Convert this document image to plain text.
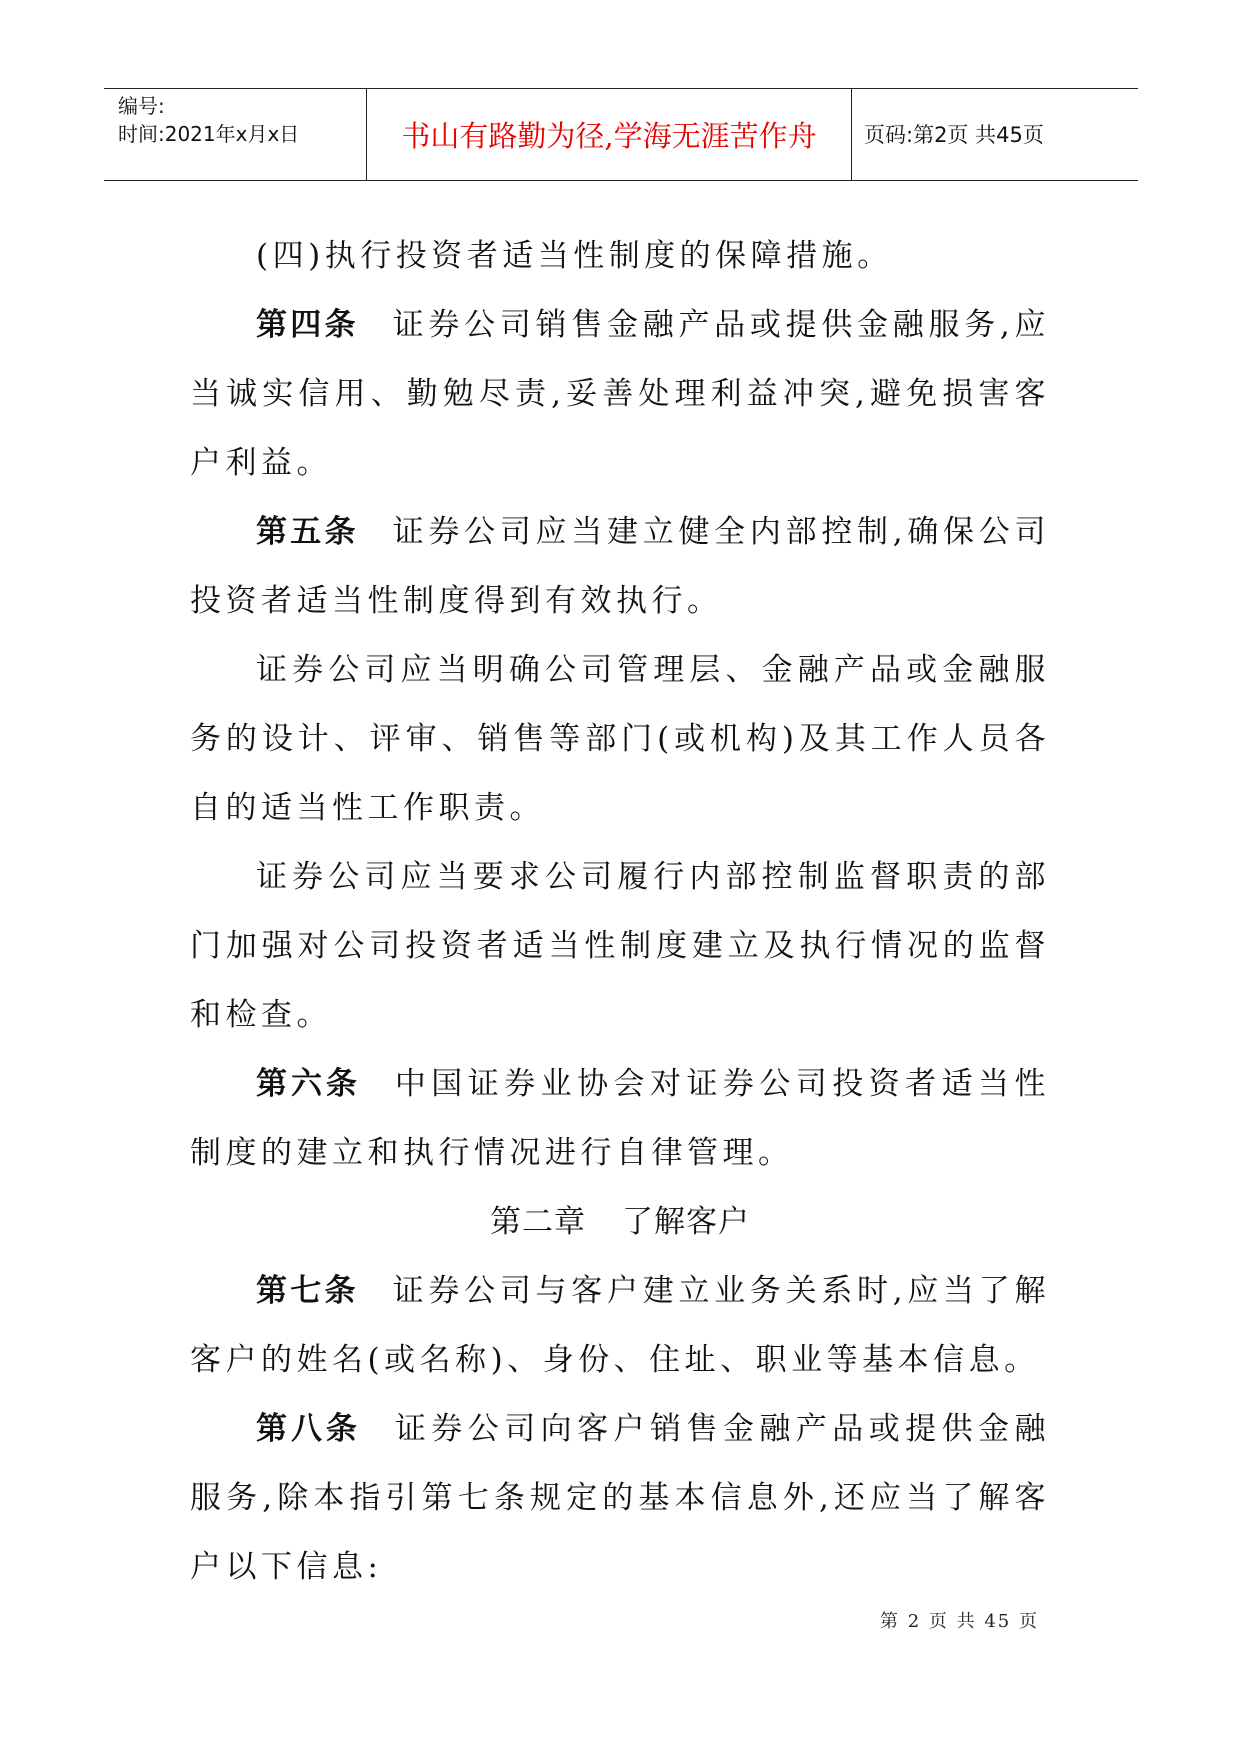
编号:
时间:2021年x月x日	书山有路勤为径,学海无涯苦作舟	页码:第2页 共45页

(四)执行投资者适当性制度的保障措施。

第四条 证券公司销售金融产品或提供金融服务,应当诚实信用、勤勉尽责,妥善处理利益冲突,避免损害客户利益。

第五条 证券公司应当建立健全内部控制,确保公司投资者适当性制度得到有效执行。

证券公司应当明确公司管理层、金融产品或金融服务的设计、评审、销售等部门(或机构)及其工作人员各自的适当性工作职责。

证券公司应当要求公司履行内部控制监督职责的部门加强对公司投资者适当性制度建立及执行情况的监督和检查。

第六条 中国证券业协会对证券公司投资者适当性制度的建立和执行情况进行自律管理。

第二章 了解客户

第七条 证券公司与客户建立业务关系时,应当了解客户的姓名(或名称)、身份、住址、职业等基本信息。

第八条 证券公司向客户销售金融产品或提供金融服务,除本指引第七条规定的基本信息外,还应当了解客户以下信息:

第 2 页 共 45 页
